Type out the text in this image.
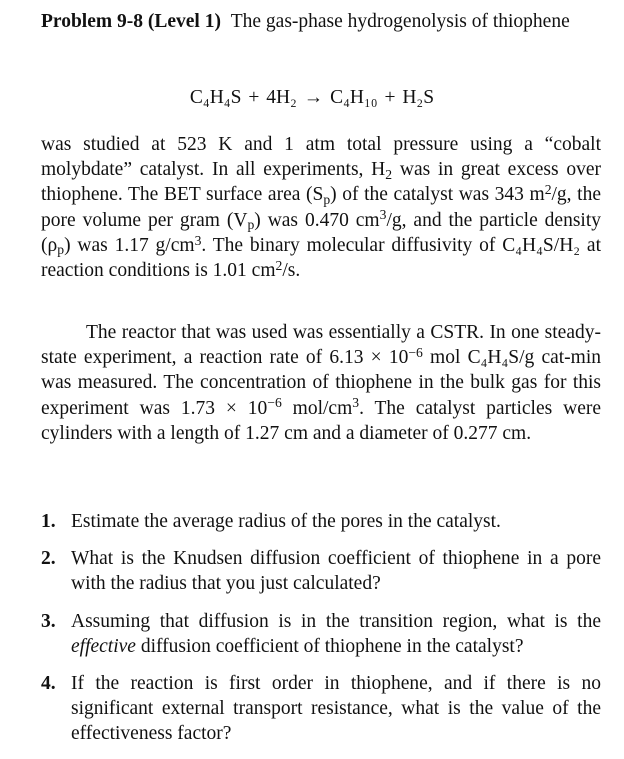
Problem 9-8 (Level 1) The gas-phase hydrogenolysis of thiophene
C₄H₄S + 4H₂ → C₄H₁₀ + H₂S
was studied at 523 K and 1 atm total pressure using a “cobalt molybdate” catalyst. In all experiments, $H_2$ was in great excess over thiophene. The BET surface area $(S_p)$ of the catalyst was 343 $m^2/g$, the pore volume per gram $(V_p)$ was 0.470 $cm^3/g$, and the particle density $(\rho_p)$ was 1.17 $g/cm^3$. The binary molecular diffusivity of C₄H₄S/H₂ at reaction conditions is 1.01 $cm^2/s$.
The reactor that was used was essentially a CSTR. In one steady-state experiment, a reaction rate of $6.13 \times 10^{-6}$ mol C₄H₄S/g cat-min was measured. The concentration of thiophene in the bulk gas for this experiment was $1.73 \times 10^{-6}$ mol/$cm^3$. The catalyst particles were cylinders with a length of 1.27 cm and a diameter of 0.277 cm.
1. Estimate the average radius of the pores in the catalyst.
2. What is the Knudsen diffusion coefficient of thiophene in a pore with the radius that you just calculated?
3. Assuming that diffusion is in the transition region, what is the effective diffusion coefficient of thiophene in the catalyst?
4. If the reaction is first order in thiophene, and if there is no significant external transport resistance, what is the value of the effectiveness factor?
